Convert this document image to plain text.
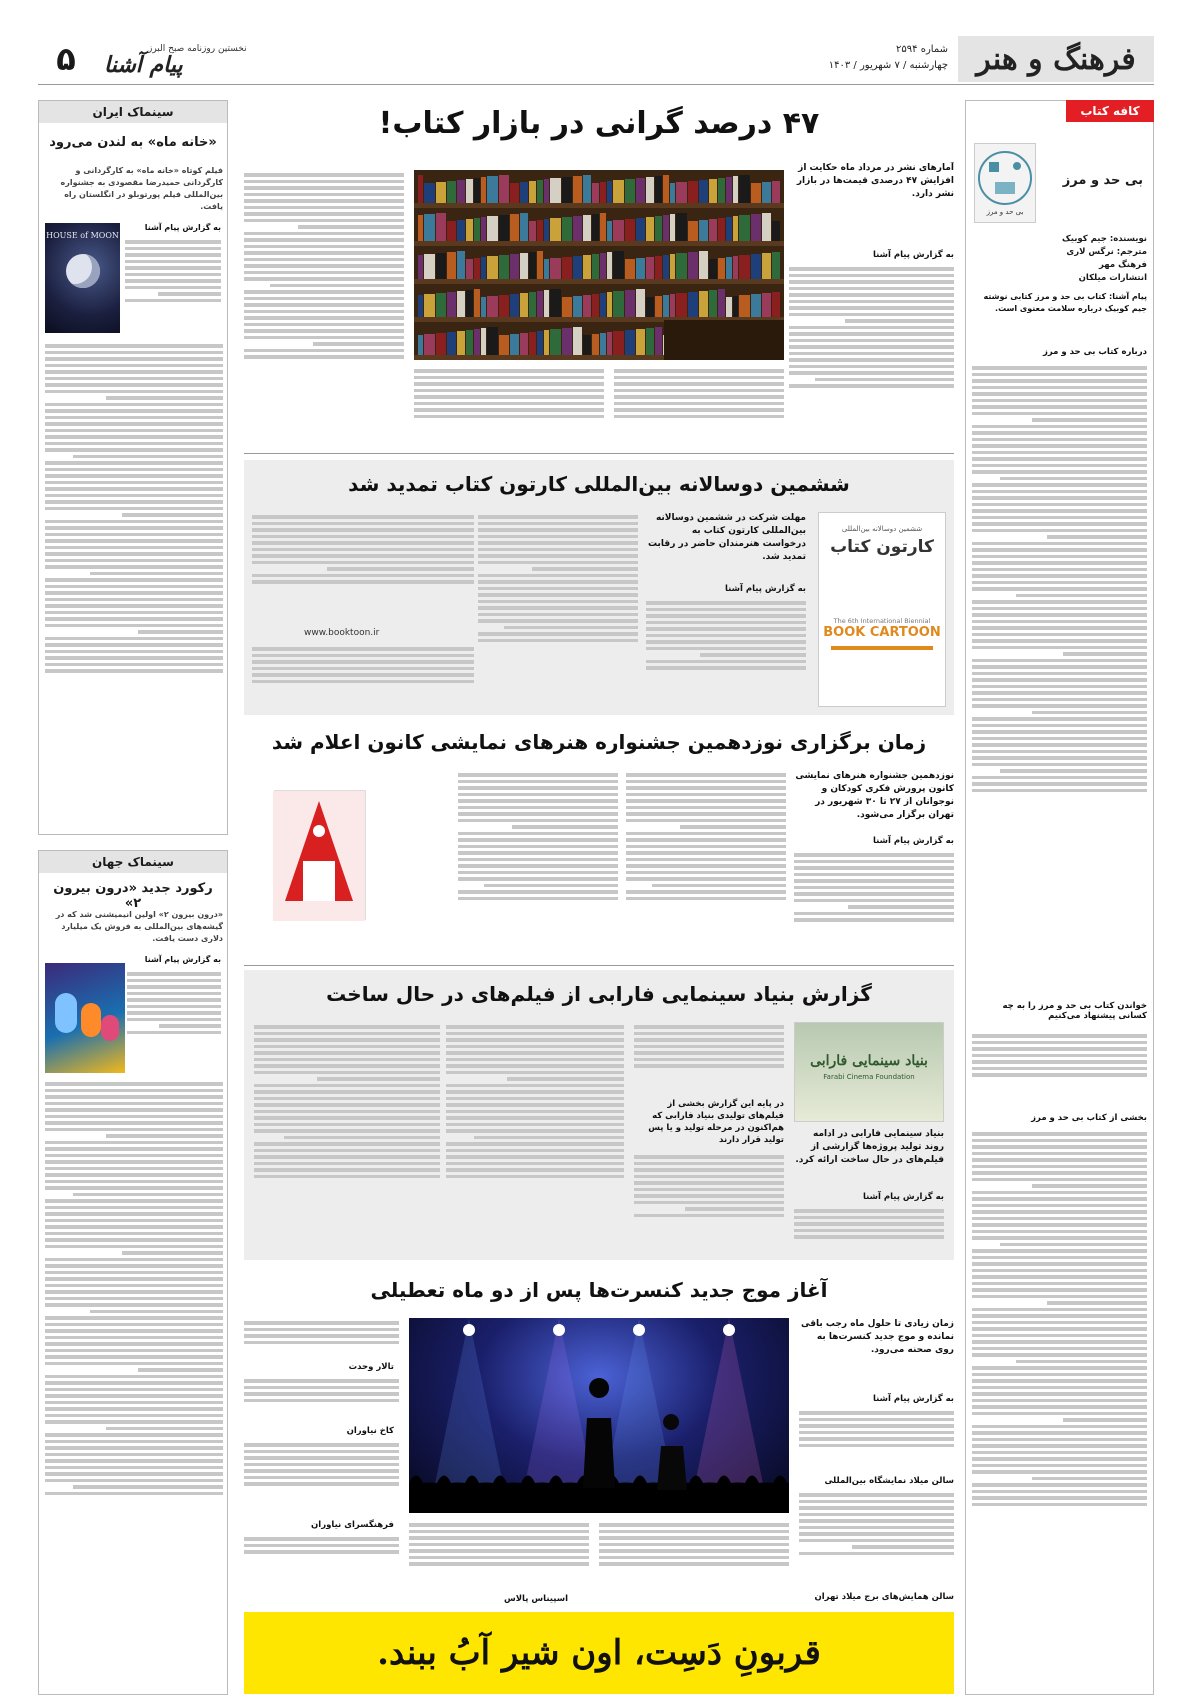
فرهنگ و هنر
شماره ۲۵۹۴
چهارشنبه / ۷ شهریور / ۱۴۰۳
نخستین روزنامه صبح البرز
پیام آشنا
۵
کافه کتاب
بی حد و مرز
بی حد و مرز
نویسنده: جیم کوبیک
مترجم: نرگس لاری
فرهنگ مهر
انتشارات میلکان
پیام آشنا: کتاب بی حد و مرز کتابی نوشته جیم کوبیک درباره سلامت معنوی است.
درباره کتاب بی حد و مرز
خواندن کتاب بی حد و مرز را به چه کسانی پیشنهاد می‌کنیم
بخشی از کتاب بی حد و مرز
سینماک ایران
«خانه ماه» به لندن می‌رود
فیلم کوتاه «خانه ماه» به کارگردانی و کارگردانی حمیدرضا مقصودی به جشنواره بین‌المللی فیلم پورتوبلو در انگلستان راه یافت.
به گزارش پیام آشنا
HOUSE of MOON
سینماک جهان
رکورد جدید «درون بیرون ۲»
«درون بیرون ۲» اولین انیمیشنی شد که در گیشه‌های بین‌المللی به فروش یک میلیارد دلاری دست یافت.
به گزارش پیام آشنا
۴۷ درصد گرانی در بازار کتاب!
آمارهای نشر در مرداد ماه حکایت از افزایش ۴۷ درصدی قیمت‌ها در بازار نشر دارد.
به گزارش پیام آشنا
ششمین دوسالانه بین‌المللی کارتون کتاب تمدید شد
ششمین دوسالانه بین‌المللی
کارتون کتاب
The 6th International Biennial
BOOK CARTOON
مهلت شرکت در ششمین دوسالانه بین‌المللی کارتون کتاب به درخواست هنرمندان حاضر در رقابت تمدید شد.
به گزارش پیام آشنا
www.booktoon.ir
زمان برگزاری نوزدهمین جشنواره هنرهای نمایشی کانون اعلام شد
نوزدهمین جشنواره هنرهای نمایشی کانون پرورش فکری کودکان و نوجوانان از ۲۷ تا ۳۰ شهریور در تهران برگزار می‌شود.
به گزارش پیام آشنا
گزارش بنیاد سینمایی فارابی از فیلم‌های در حال ساخت
بنیاد سینمایی فارابی
Farabi Cinema Foundation
بنیاد سینمایی فارابی در ادامه روند تولید پروژه‌ها گزارشی از فیلم‌های در حال ساخت ارائه کرد.
به گزارش پیام آشنا
در پایه این گزارش بخشی از فیلم‌های تولیدی بنیاد فارابی که هم‌اکنون در مرحله تولید و یا پس تولید قرار دارند
آغاز موج جدید کنسرت‌ها پس از دو ماه تعطیلی
زمان زیادی تا حلول ماه رجب باقی نمانده و موج جدید کنسرت‌ها به روی صحنه می‌رود.
به گزارش پیام آشنا
سالن میلاد نمایشگاه بین‌المللی
سالن همایش‌های برج میلاد تهران
اسپیناس پالاس
تالار وحدت
کاخ نیاوران
فرهنگسرای نیاوران
قربونِ دَسِت، اون شیر آبُ ببند.
